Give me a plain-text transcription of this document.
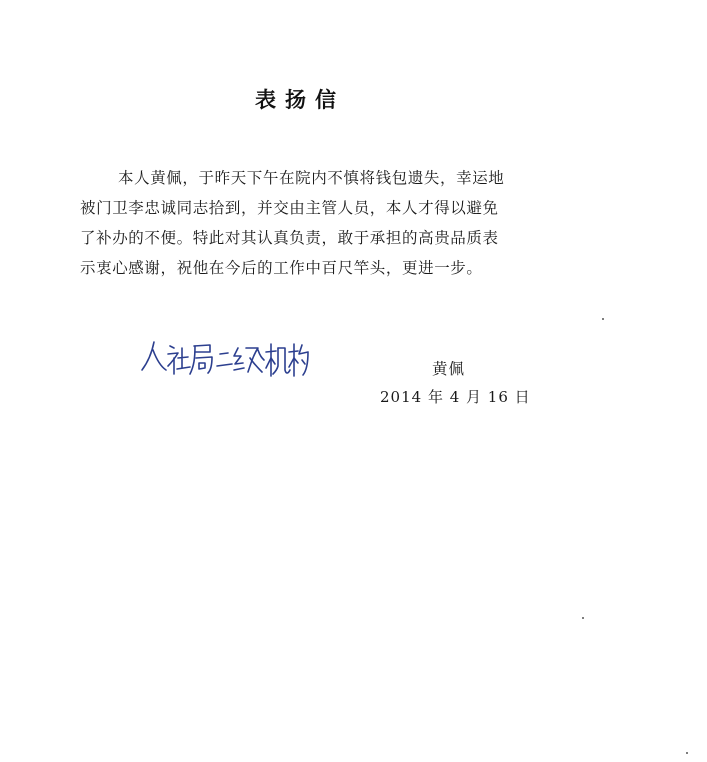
表扬信
本人黄佩，于昨天下午在院内不慎将钱包遗失，幸运地
被门卫李忠诚同志拾到，并交由主管人员，本人才得以避免
了补办的不便。特此对其认真负责，敢于承担的高贵品质表
示衷心感谢，祝他在今后的工作中百尺竿头，更进一步。
黄佩
2014 年 4 月 16 日
